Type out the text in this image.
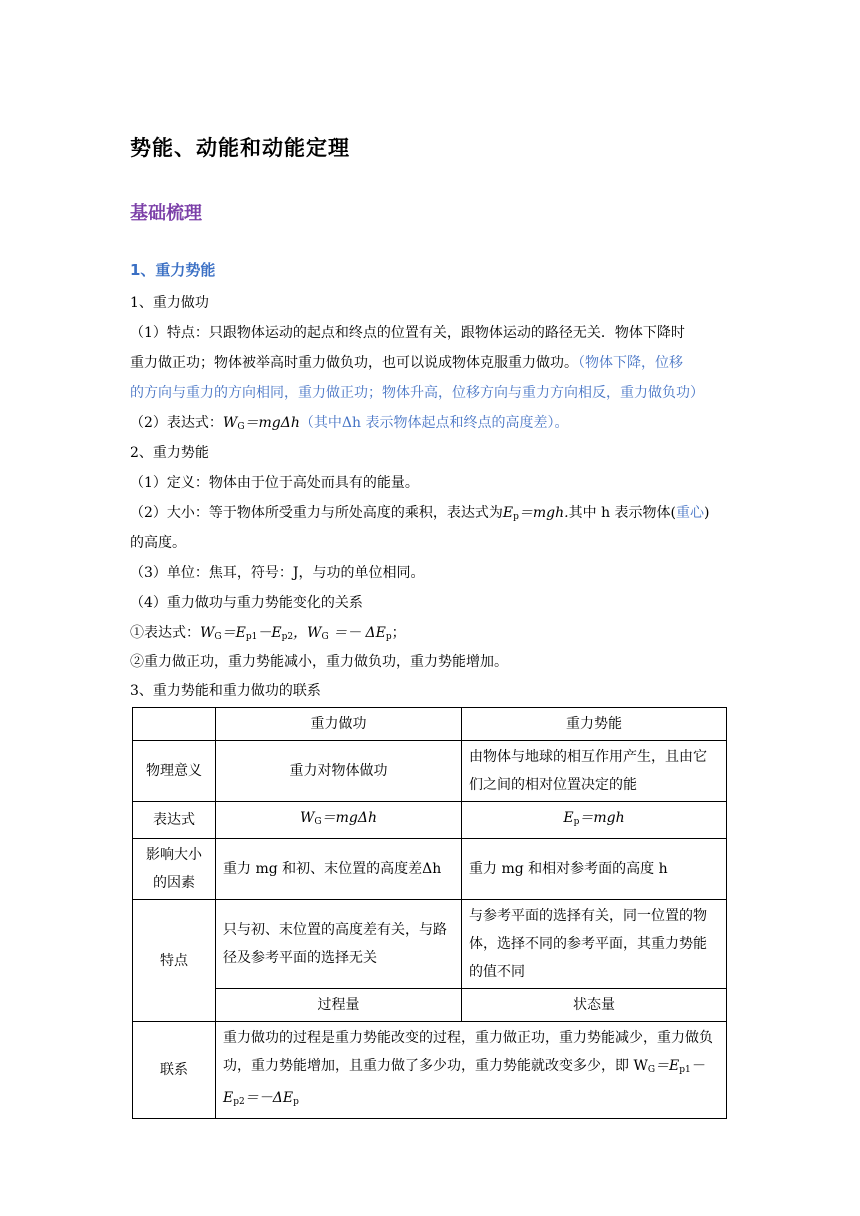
势能、动能和动能定理
基础梳理
1、重力势能
1、重力做功
（1）特点：只跟物体运动的起点和终点的位置有关，跟物体运动的路径无关．物体下降时
重力做正功；物体被举高时重力做负功，也可以说成物体克服重力做功。（物体下降，位移
的方向与重力的方向相同，重力做正功；物体升高，位移方向与重力方向相反，重力做负功）
（2）表达式：$W_G=mg\Delta h$（其中Δh 表示物体起点和终点的高度差）。
2、重力势能
（1）定义：物体由于位于高处而具有的能量。
（2）大小：等于物体所受重力与所处高度的乘积，表达式为$E_p=mgh$.其中 h 表示物体(重心)
的高度。
（3）单位：焦耳，符号：J，与功的单位相同。
（4）重力做功与重力势能变化的关系
①表达式：$W_G=E_{p1}-E_{p2}$，$W_G =- \Delta E_p$；
②重力做正功，重力势能减小，重力做负功，重力势能增加。
3、重力势能和重力做功的联系
	重力做功	重力势能
物理意义	重力对物体做功	由物体与地球的相互作用产生，且由它们之间的相对位置决定的能
表达式	$W_G=mg\Delta h$	$E_p=mgh$
影响大小的因素	重力 mg 和初、末位置的高度差Δh	重力 mg 和相对参考面的高度 h
特点	只与初、末位置的高度差有关，与路径及参考平面的选择无关	与参考平面的选择有关，同一位置的物体，选择不同的参考平面，其重力势能的值不同
	过程量	状态量
联系	重力做功的过程是重力势能改变的过程，重力做正功，重力势能减少，重力做负功，重力势能增加，且重力做了多少功，重力势能就改变多少，即 $W_G=E_{p1}-E_{p2}=-\Delta E_p$
